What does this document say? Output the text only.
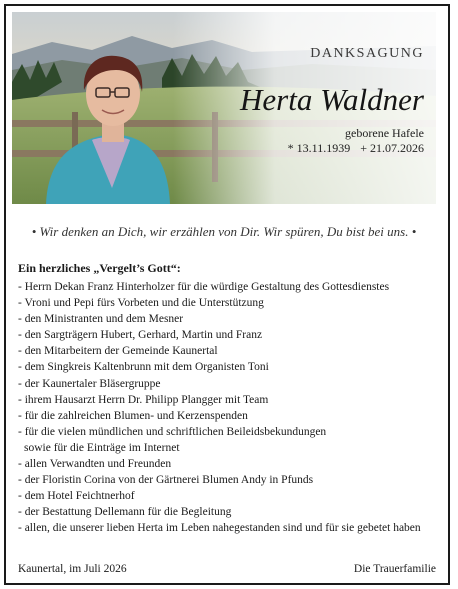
DANKSAGUNG
Herta Waldner
geborene Hafele
* 13.11.1939 + 21.07.2026
• Wir denken an Dich, wir erzählen von Dir. Wir spüren, Du bist bei uns. •
Ein herzliches „Vergelt’s Gott“:
- Herrn Dekan Franz Hinterholzer für die würdige Gestaltung des Gottesdienstes
- Vroni und Pepi fürs Vorbeten und die Unterstützung
- den Ministranten und dem Mesner
- den Sargträgern Hubert, Gerhard, Martin und Franz
- den Mitarbeitern der Gemeinde Kaunertal
- dem Singkreis Kaltenbrunn mit dem Organisten Toni
- der Kaunertaler Bläsergruppe
- ihrem Hausarzt Herrn Dr. Philipp Plangger mit Team
- für die zahlreichen Blumen- und Kerzenspenden
- für die vielen mündlichen und schriftlichen Beileidsbekundungen
sowie für die Einträge im Internet
- allen Verwandten und Freunden
- der Floristin Corina von der Gärtnerei Blumen Andy in Pfunds
- dem Hotel Feichtnerhof
- der Bestattung Dellemann für die Begleitung
- allen, die unserer lieben Herta im Leben nahegestanden sind und für sie gebetet haben
Kaunertal, im Juli 2026	Die Trauerfamilie
